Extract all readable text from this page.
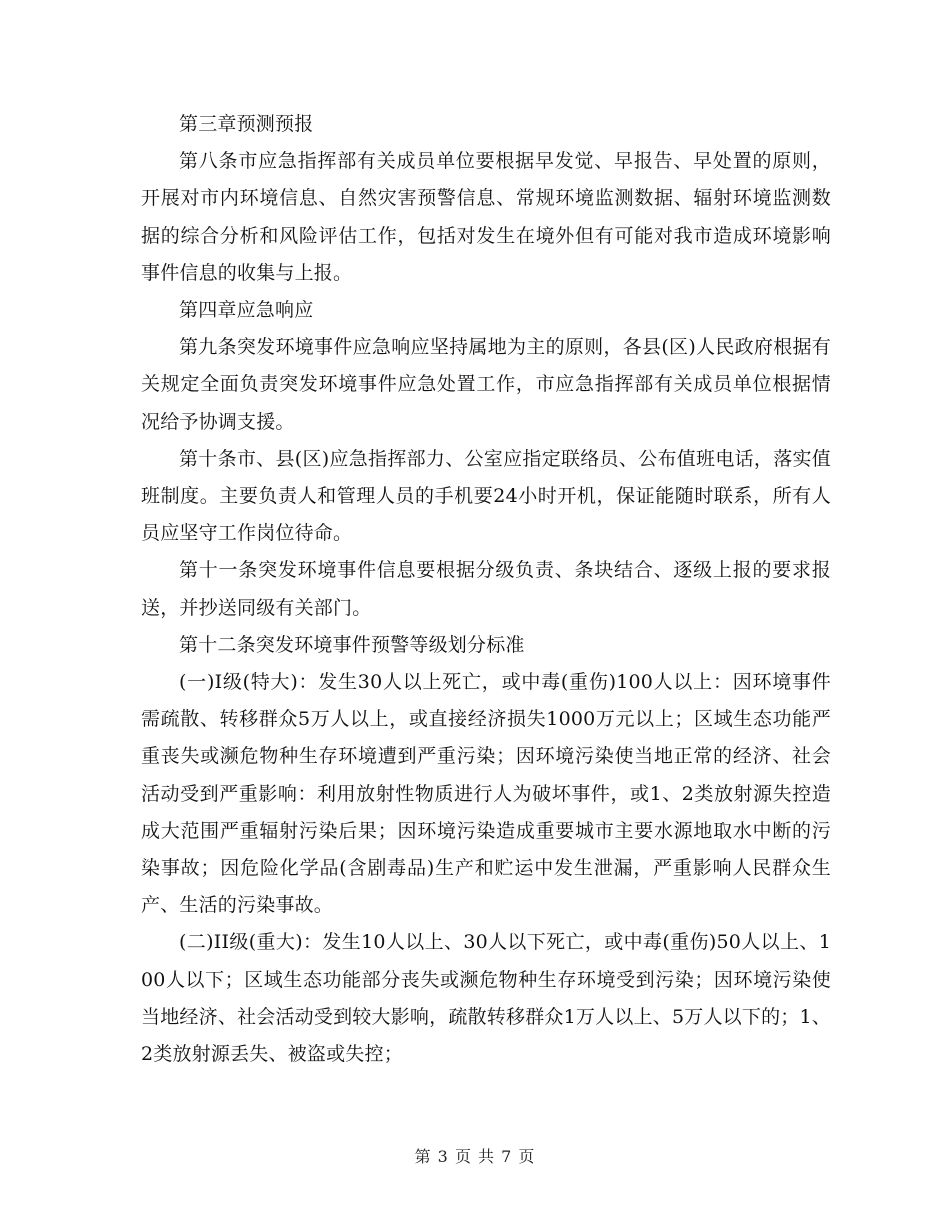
第三章预测预报

第八条市应急指挥部有关成员单位要根据早发觉、早报告、早处置的原则，开展对市内环境信息、自然灾害预警信息、常规环境监测数据、辐射环境监测数据的综合分析和风险评估工作，包括对发生在境外但有可能对我市造成环境影响事件信息的收集与上报。

第四章应急响应

第九条突发环境事件应急响应坚持属地为主的原则，各县(区)人民政府根据有关规定全面负责突发环境事件应急处置工作，市应急指挥部有关成员单位根据情况给予协调支援。

第十条市、县(区)应急指挥部力、公室应指定联络员、公布值班电话，落实值班制度。主要负责人和管理人员的手机要24小时开机，保证能随时联系，所有人员应坚守工作岗位待命。

第十一条突发环境事件信息要根据分级负责、条块结合、逐级上报的要求报送，并抄送同级有关部门。

第十二条突发环境事件预警等级划分标准

(一)I级(特大)：发生30人以上死亡，或中毒(重伤)100人以上：因环境事件需疏散、转移群众5万人以上，或直接经济损失1000万元以上；区域生态功能严重丧失或濒危物种生存环境遭到严重污染；因环境污染使当地正常的经济、社会活动受到严重影响：利用放射性物质进行人为破坏事件，或1、2类放射源失控造成大范围严重辐射污染后果；因环境污染造成重要城市主要水源地取水中断的污染事故；因危险化学品(含剧毒品)生产和贮运中发生泄漏，严重影响人民群众生产、生活的污染事故。

(二)II级(重大)：发生10人以上、30人以下死亡，或中毒(重伤)50人以上、100人以下；区域生态功能部分丧失或濒危物种生存环境受到污染；因环境污染使当地经济、社会活动受到较大影响，疏散转移群众1万人以上、5万人以下的；1、2类放射源丢失、被盗或失控；

第 3 页 共 7 页
